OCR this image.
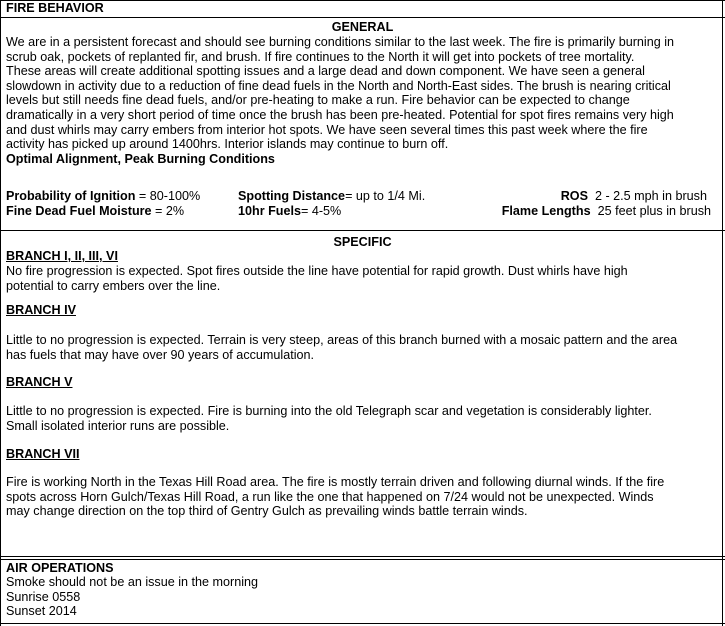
FIRE BEHAVIOR
GENERAL
We are in a persistent forecast and should see burning conditions similar to the last week. The fire is primarily burning in
scrub oak, pockets of replanted fir, and brush. If fire continues to the North it will get into pockets of tree mortality.
These areas will create additional spotting issues and a large dead and down component. We have seen a general
slowdown in activity due to a reduction of fine dead fuels in the North and North-East sides. The brush is nearing critical
levels but still needs fine dead fuels, and/or pre-heating to make a run. Fire behavior can be expected to change
dramatically in a very short period of time once the brush has been pre-heated. Potential for spot fires remains very high
and dust whirls may carry embers from interior hot spots. We have seen several times this past week where the fire
activity has picked up around 1400hrs. Interior islands may continue to burn off.
Optimal Alignment, Peak Burning Conditions
Probability of Ignition = 80-100%
Fine Dead Fuel Moisture = 2%
Spotting Distance= up to 1/4 Mi.
10hr Fuels= 4-5%
ROS  2 - 2.5 mph in brush
Flame Lengths  25 feet plus in brush
SPECIFIC
BRANCH I, II, III, VI
No fire progression is expected. Spot fires outside the line have potential for rapid growth. Dust whirls have high
potential to carry embers over the line.
BRANCH IV
Little to no progression is expected. Terrain is very steep, areas of this branch burned with a mosaic pattern and the area
has fuels that may have over 90 years of accumulation.
BRANCH V
Little to no progression is expected. Fire is burning into the old Telegraph scar and vegetation is considerably lighter.
Small isolated interior runs are possible.
BRANCH VII
Fire is working North in the Texas Hill Road area. The fire is mostly terrain driven and following diurnal winds. If the fire
spots across Horn Gulch/Texas Hill Road, a run like the one that happened on 7/24 would not be unexpected. Winds
may change direction on the top third of Gentry Gulch as prevailing winds battle terrain winds.
AIR OPERATIONS
Smoke should not be an issue in the morning
Sunrise 0558
Sunset 2014
